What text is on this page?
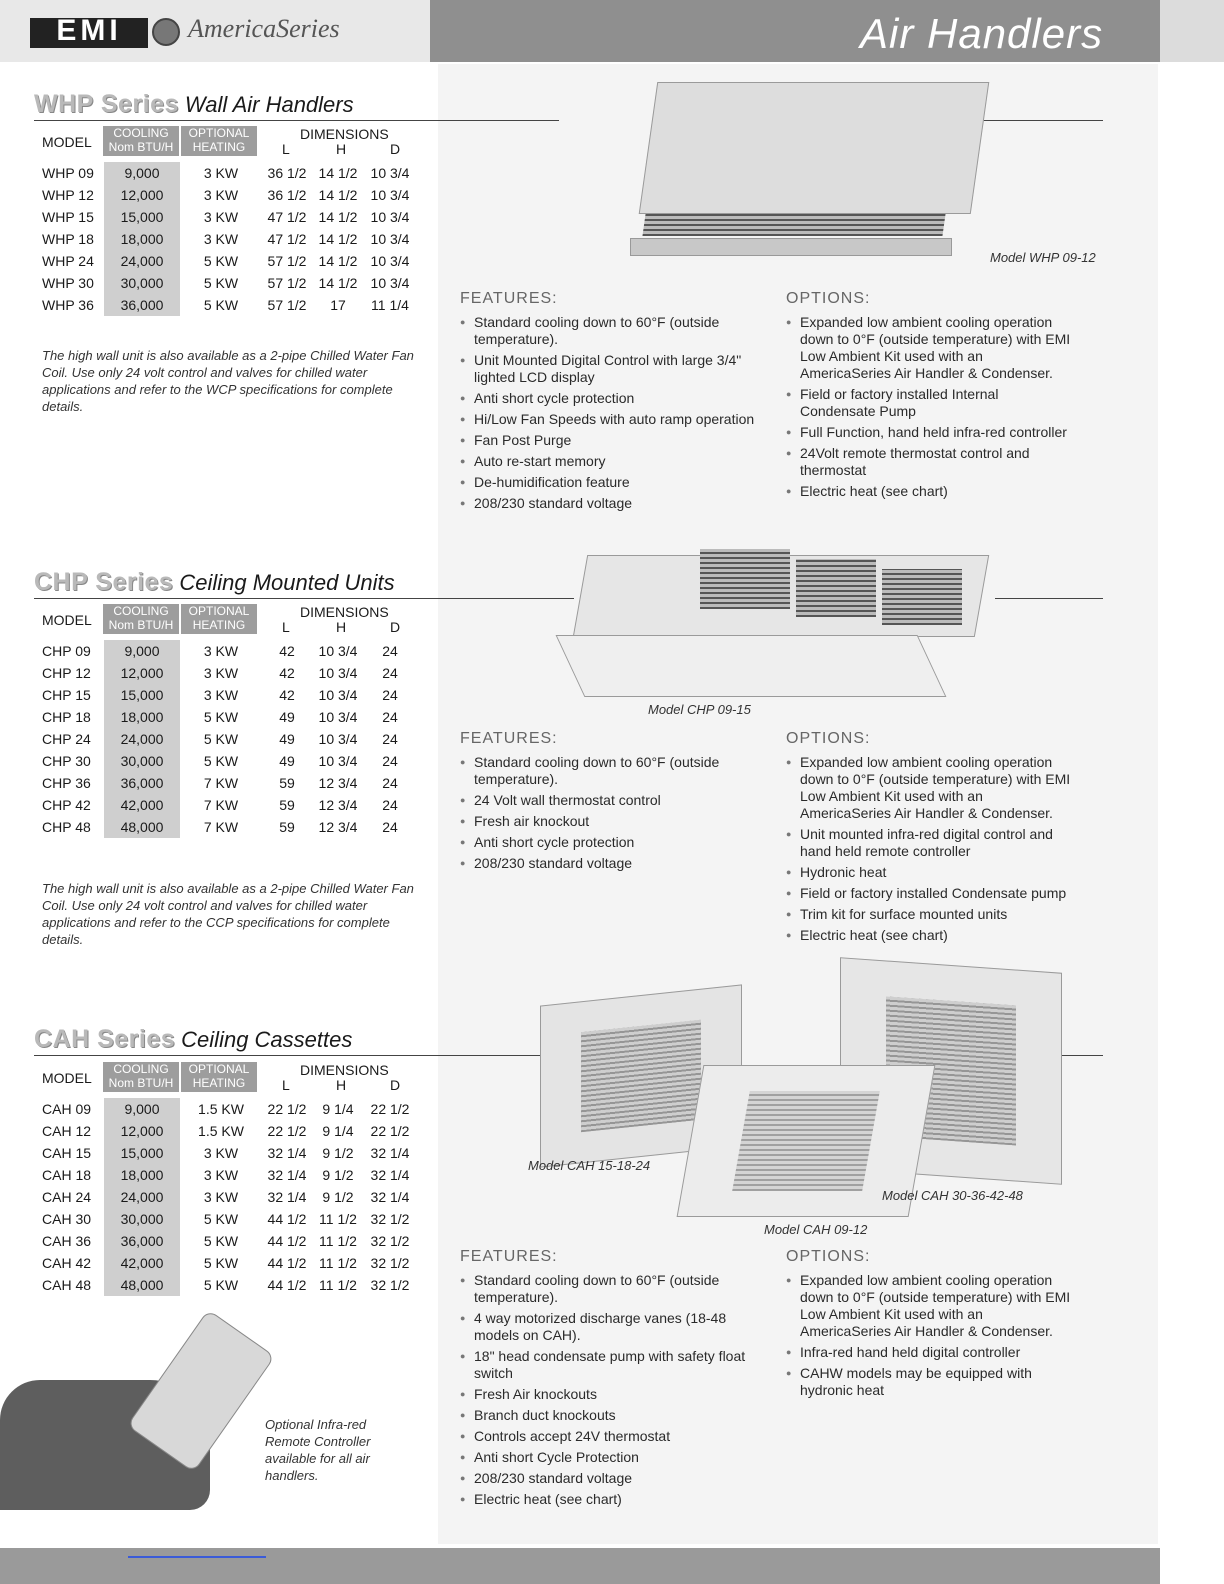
EMI	AmericaSeries	Air Handlers
WHP Series Wall Air Handlers
MODEL
COOLING
Nom BTU/H
OPTIONAL
HEATING
DIMENSIONS
L	H	D
WHP 09	9,000	3 KW	36 1/2	14 1/2	10 3/4
WHP 12	12,000	3 KW	36 1/2	14 1/2	10 3/4
WHP 15	15,000	3 KW	47 1/2	14 1/2	10 3/4
WHP 18	18,000	3 KW	47 1/2	14 1/2	10 3/4
WHP 24	24,000	5 KW	57 1/2	14 1/2	10 3/4
WHP 30	30,000	5 KW	57 1/2	14 1/2	10 3/4
WHP 36	36,000	5 KW	57 1/2	17	11 1/4
The high wall unit is also available as a 2-pipe Chilled Water Fan Coil. Use only 24 volt control and valves for chilled water applications and refer to the WCP specifications for complete details.
Model WHP 09-12
FEATURES:
● Standard cooling down to 60°F (outside temperature).
● Unit Mounted Digital Control with large 3/4" lighted LCD display
● Anti short cycle protection
● Hi/Low Fan Speeds with auto ramp operation
● Fan Post Purge
● Auto re-start memory
● De-humidification feature
● 208/230 standard voltage
OPTIONS:
● Expanded low ambient cooling operation down to 0°F (outside temperature) with EMI Low Ambient Kit used with an AmericaSeries Air Handler & Condenser.
● Field or factory installed Internal Condensate Pump
● Full Function, hand held infra-red controller
● 24Volt remote thermostat control and thermostat
● Electric heat (see chart)
CHP Series Ceiling Mounted Units
MODEL
COOLING
Nom BTU/H
OPTIONAL
HEATING
DIMENSIONS
L	H	D
CHP 09	9,000	3 KW	42	10 3/4	24
CHP 12	12,000	3 KW	42	10 3/4	24
CHP 15	15,000	3 KW	42	10 3/4	24
CHP 18	18,000	5 KW	49	10 3/4	24
CHP 24	24,000	5 KW	49	10 3/4	24
CHP 30	30,000	5 KW	49	10 3/4	24
CHP 36	36,000	7 KW	59	12 3/4	24
CHP 42	42,000	7 KW	59	12 3/4	24
CHP 48	48,000	7 KW	59	12 3/4	24
The high wall unit is also available as a 2-pipe Chilled Water Fan Coil. Use only 24 volt control and valves for chilled water applications and refer to the CCP specifications for complete details.
Model CHP 09-15
FEATURES:
● Standard cooling down to 60°F (outside temperature).
● 24 Volt wall thermostat control
● Fresh air knockout
● Anti short cycle protection
● 208/230 standard voltage
OPTIONS:
● Expanded low ambient cooling operation down to 0°F (outside temperature) with EMI Low Ambient Kit used with an AmericaSeries Air Handler & Condenser.
● Unit mounted infra-red digital control and hand held remote controller
● Hydronic heat
● Field or factory installed Condensate pump
● Trim kit for surface mounted units
● Electric heat (see chart)
CAH Series Ceiling Cassettes
MODEL
COOLING
Nom BTU/H
OPTIONAL
HEATING
DIMENSIONS
L	H	D
CAH 09	9,000	1.5 KW	22 1/2	9 1/4	22 1/2
CAH 12	12,000	1.5 KW	22 1/2	9 1/4	22 1/2
CAH 15	15,000	3 KW	32 1/4	9 1/2	32 1/4
CAH 18	18,000	3 KW	32 1/4	9 1/2	32 1/4
CAH 24	24,000	3 KW	32 1/4	9 1/2	32 1/4
CAH 30	30,000	5 KW	44 1/2	11 1/2	32 1/2
CAH 36	36,000	5 KW	44 1/2	11 1/2	32 1/2
CAH 42	42,000	5 KW	44 1/2	11 1/2	32 1/2
CAH 48	48,000	5 KW	44 1/2	11 1/2	32 1/2
Model CAH 15-18-24
Model CAH 30-36-42-48
Model CAH 09-12
FEATURES:
● Standard cooling down to 60°F (outside temperature).
● 4 way motorized discharge vanes (18-48 models on CAH).
● 18" head condensate pump with safety float switch
● Fresh Air knockouts
● Branch duct knockouts
● Controls accept 24V thermostat
● Anti short Cycle Protection
● 208/230 standard voltage
● Electric heat (see chart)
OPTIONS:
● Expanded low ambient cooling operation down to 0°F (outside temperature) with EMI Low Ambient Kit used with an AmericaSeries Air Handler & Condenser.
● Infra-red hand held digital controller
● CAHW models may be equipped with hydronic heat
Optional Infra-red Remote Controller available for all air handlers.
